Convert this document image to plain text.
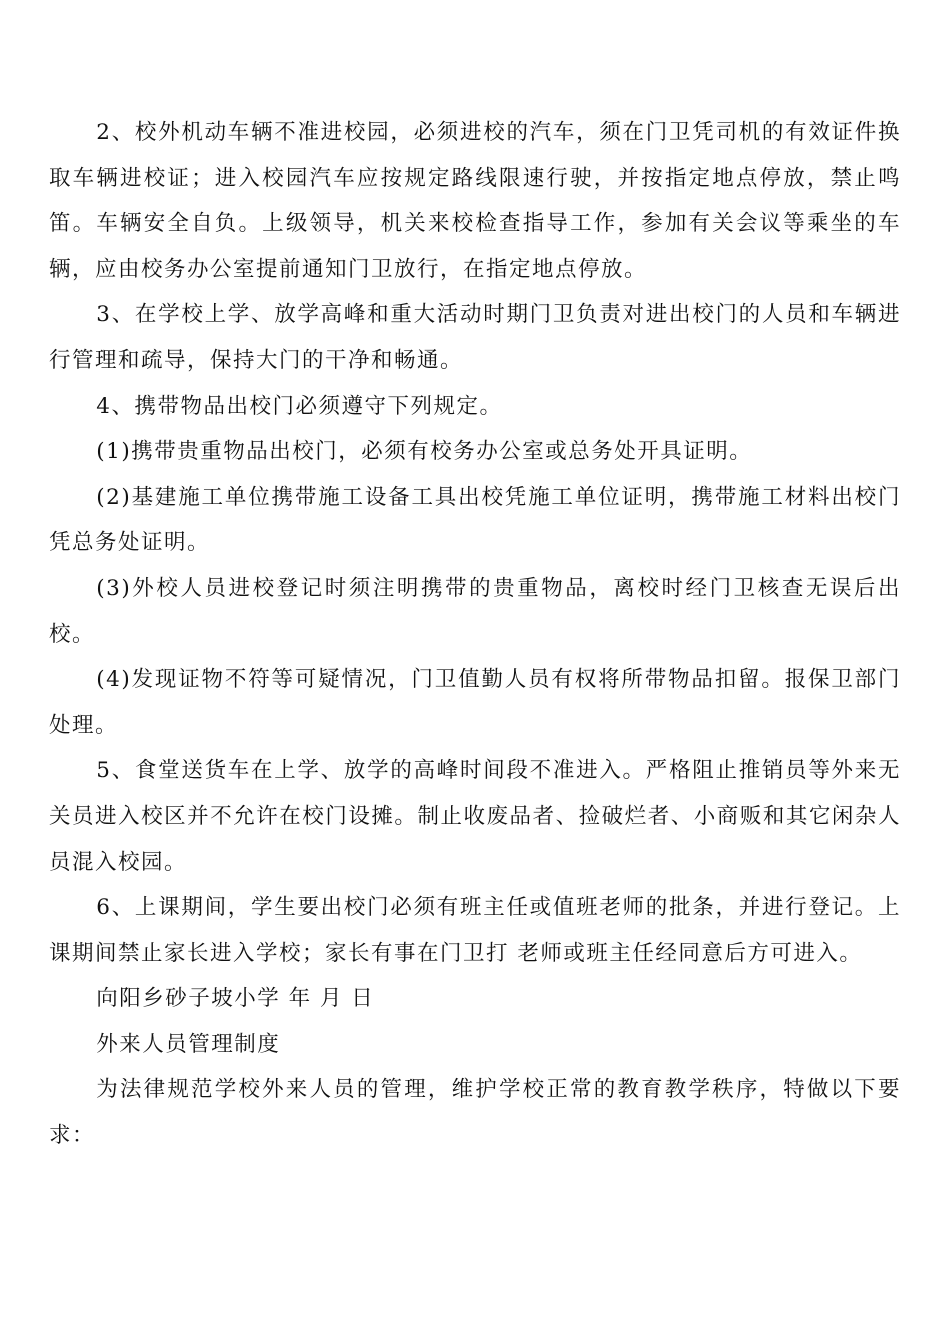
2、校外机动车辆不准进校园，必须进校的汽车，须在门卫凭司机的有效证件换取车辆进校证；进入校园汽车应按规定路线限速行驶，并按指定地点停放，禁止鸣笛。车辆安全自负。上级领导，机关来校检查指导工作，参加有关会议等乘坐的车辆，应由校务办公室提前通知门卫放行，在指定地点停放。

3、在学校上学、放学高峰和重大活动时期门卫负责对进出校门的人员和车辆进行管理和疏导，保持大门的干净和畅通。

4、携带物品出校门必须遵守下列规定。

(1)携带贵重物品出校门，必须有校务办公室或总务处开具证明。

(2)基建施工单位携带施工设备工具出校凭施工单位证明，携带施工材料出校门凭总务处证明。

(3)外校人员进校登记时须注明携带的贵重物品，离校时经门卫核查无误后出校。

(4)发现证物不符等可疑情况，门卫值勤人员有权将所带物品扣留。报保卫部门处理。

5、食堂送货车在上学、放学的高峰时间段不准进入。严格阻止推销员等外来无关员进入校区并不允许在校门设摊。制止收废品者、捡破烂者、小商贩和其它闲杂人员混入校园。

6、上课期间，学生要出校门必须有班主任或值班老师的批条，并进行登记。上课期间禁止家长进入学校；家长有事在门卫打 老师或班主任经同意后方可进入。

向阳乡砂子坡小学 年 月 日

外来人员管理制度

为法律规范学校外来人员的管理，维护学校正常的教育教学秩序，特做以下要求：
